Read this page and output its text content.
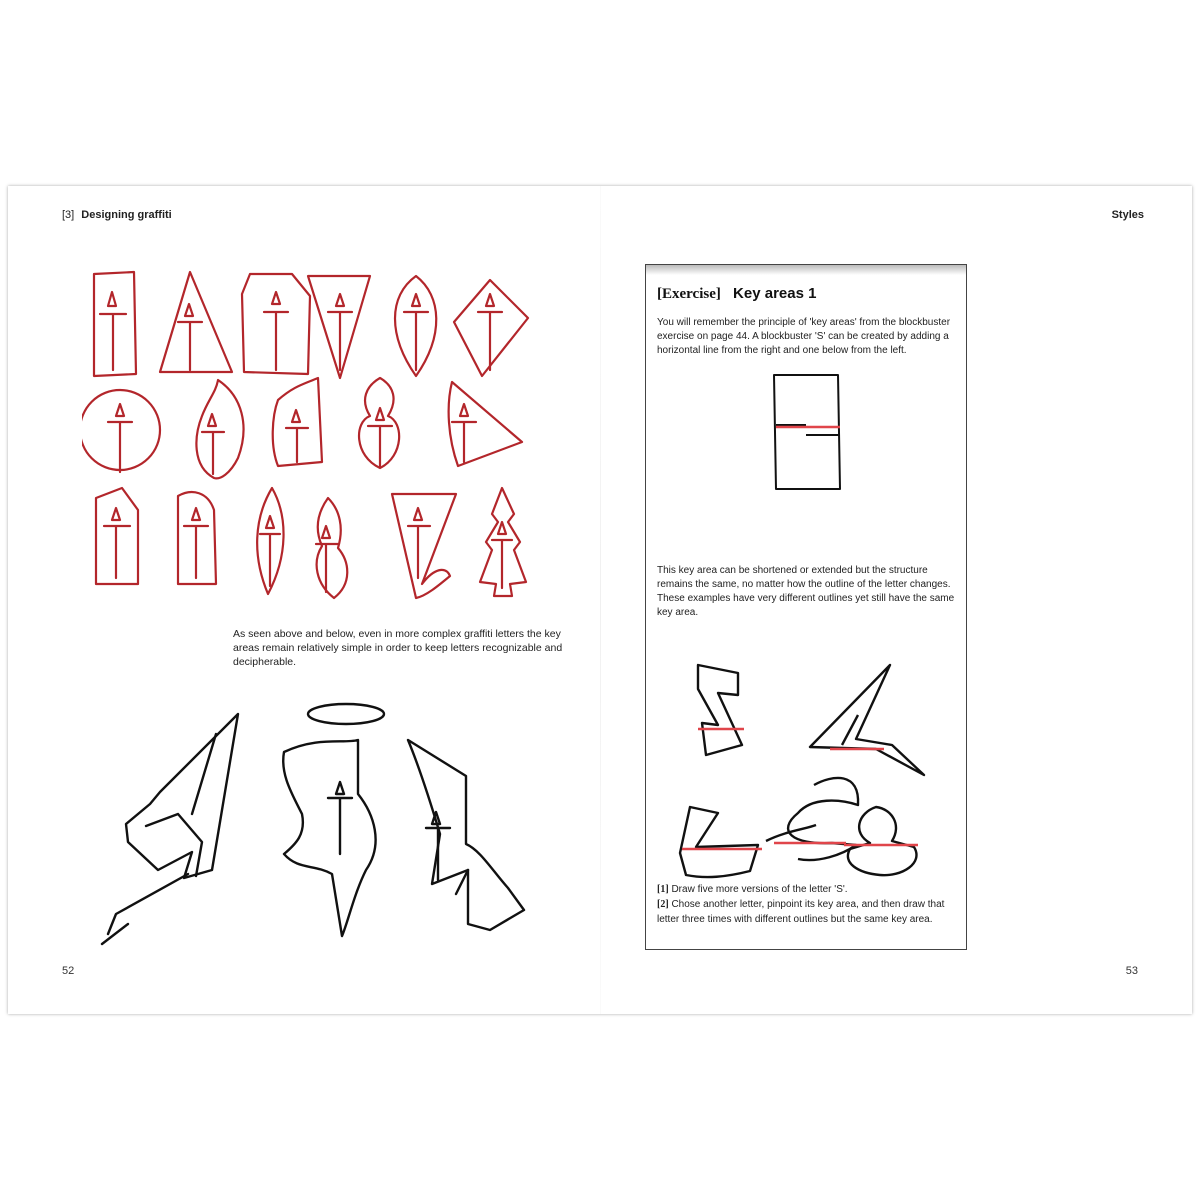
[3] Designing graffiti
As seen above and below, even in more complex graffiti letters the key areas remain relatively simple in order to keep letters recognizable and decipherable.
52
Styles
[Exercise] Key areas 1
You will remember the principle of 'key areas' from the blockbuster exercise on page 44. A blockbuster 'S' can be created by adding a horizontal line from the right and one below from the left.
This key area can be shortened or extended but the structure remains the same, no matter how the outline of the letter changes. These examples have very different outlines yet still have the same key area.
[1] Draw five more versions of the letter 'S'.
[2] Chose another letter, pinpoint its key area, and then draw that letter three times with different outlines but the same key area.
53
